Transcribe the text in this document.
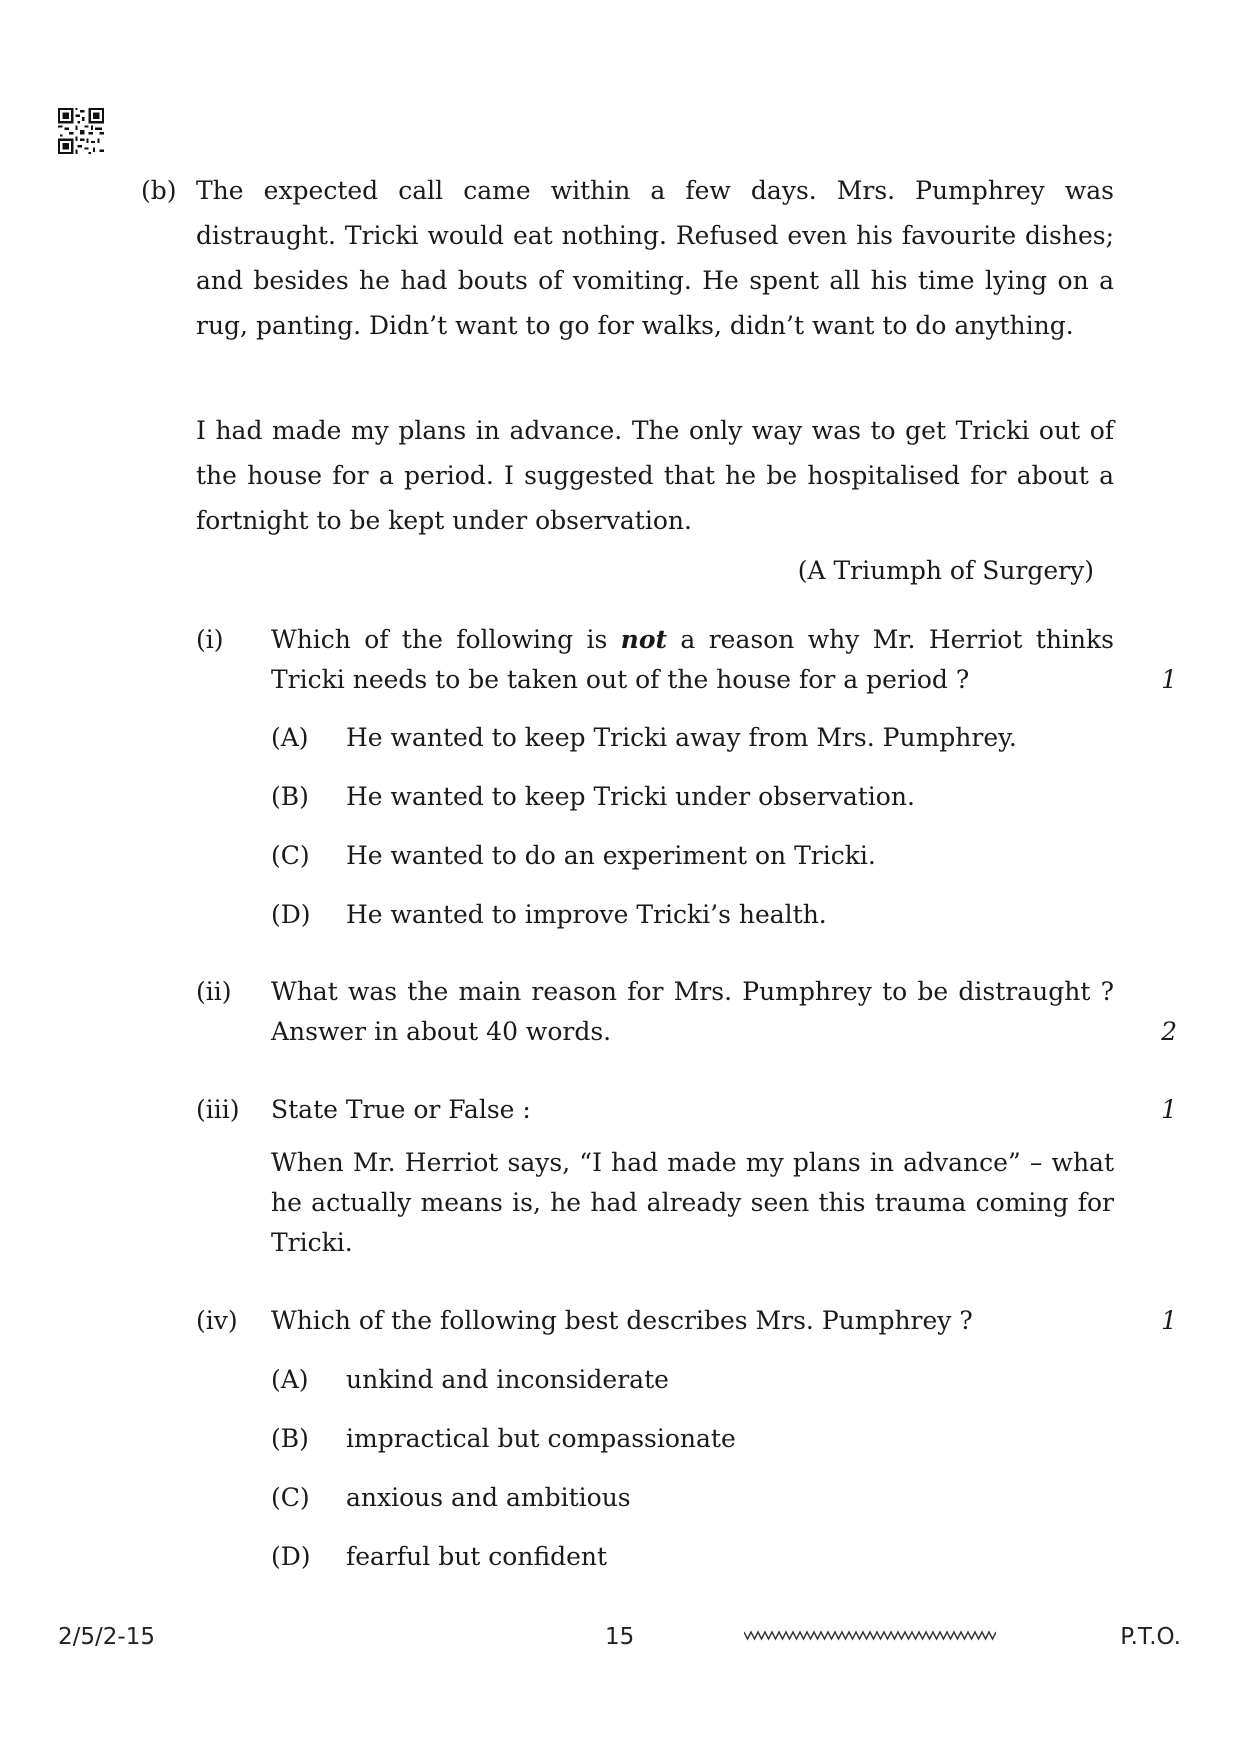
(b) The expected call came within a few days. Mrs. Pumphrey was distraught. Tricki would eat nothing. Refused even his favourite dishes; and besides he had bouts of vomiting. He spent all his time lying on a rug, panting. Didn’t want to go for walks, didn’t want to do anything.
I had made my plans in advance. The only way was to get Tricki out of the house for a period. I suggested that he be hospitalised for about a fortnight to be kept under observation.
(A Triumph of Surgery)
(i) Which of the following is not a reason why Mr. Herriot thinks Tricki needs to be taken out of the house for a period ?	1
(A) He wanted to keep Tricki away from Mrs. Pumphrey.
(B) He wanted to keep Tricki under observation.
(C) He wanted to do an experiment on Tricki.
(D) He wanted to improve Tricki’s health.
(ii) What was the main reason for Mrs. Pumphrey to be distraught ? Answer in about 40 words.	2
(iii) State True or False :	1
When Mr. Herriot says, “I had made my plans in advance” – what he actually means is, he had already seen this trauma coming for Tricki.
(iv) Which of the following best describes Mrs. Pumphrey ?	1
(A) unkind and inconsiderate
(B) impractical but compassionate
(C) anxious and ambitious
(D) fearful but confident
2/5/2-15	15	P.T.O.
